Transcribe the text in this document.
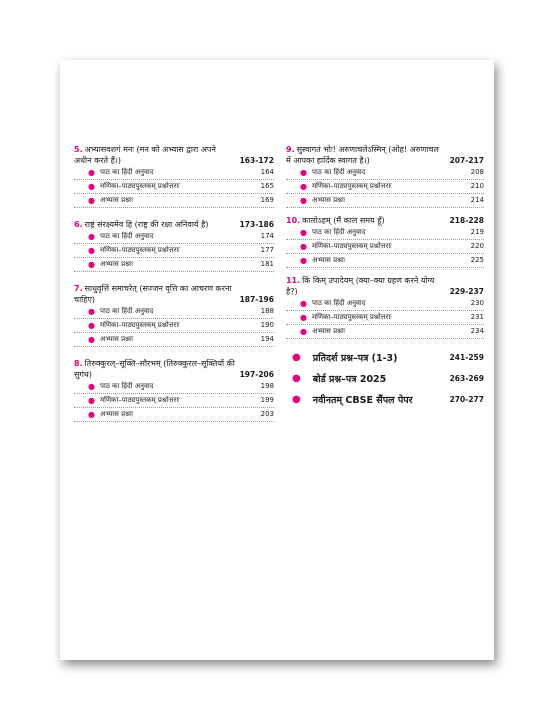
5. अभ्यासवशगं मनः (मन को अभ्यास द्वारा अपने अधीन करते हैं।)	163-172
● पाठ का हिंदी अनुवाद	164
● मणिका–पाठ्यपुस्तकम् प्रश्नोत्तराः	165
● अभ्यास प्रश्नाः	169
6. राष्ट्रं संरक्ष्यमेव हि (राष्ट्र की रक्षा अनिवार्य है)	173-186
● पाठ का हिंदी अनुवाद	174
● मणिका–पाठ्यपुस्तकम् प्रश्नोत्तराः	177
● अभ्यास प्रश्नाः	181
7. साधुवृत्तिं समाचरेत् (सज्जन वृत्ति का आचरण करना चाहिए)	187-196
● पाठ का हिंदी अनुवाद	188
● मणिका–पाठ्यपुस्तकम् प्रश्नोत्तराः	190
● अभ्यास प्रश्नाः	194
8. तिरुक्कुरल्–सूक्ति–सौरभम् (तिरुक्कुरल–सूक्तियों की सुगंध)	197-206
● पाठ का हिंदी अनुवाद	198
● मणिका–पाठ्यपुस्तकम् प्रश्नोत्तराः	199
● अभ्यास प्रश्नाः	203
9. सुस्वागतं भोः! अरुणाचलेऽस्मिन् (ओह! अरुणाचल में आपका हार्दिक स्वागत है।)	207-217
● पाठ का हिंदी अनुवाद	208
● मणिका–पाठ्यपुस्तकम् प्रश्नोत्तराः	210
● अभ्यास प्रश्नाः	214
10. कालोऽहम् (मैं काल समय हूँ)	218-228
● पाठ का हिंदी अनुवाद	219
● मणिका–पाठ्यपुस्तकम् प्रश्नोत्तराः	220
● अभ्यास प्रश्नाः	225
11. किं किम् उपादेयम् (क्या–क्या ग्रहण करने योग्य है?)	229-237
● पाठ का हिंदी अनुवाद	230
● मणिका–पाठ्यपुस्तकम् प्रश्नोत्तराः	231
● अभ्यास प्रश्नाः	234
● प्रतिदर्श प्रश्न–पत्र (1-3)	241-259
● बोर्ड प्रश्न–पत्र 2025	263-269
● नवीनतम् CBSE सैंपल पेपर	270-277
